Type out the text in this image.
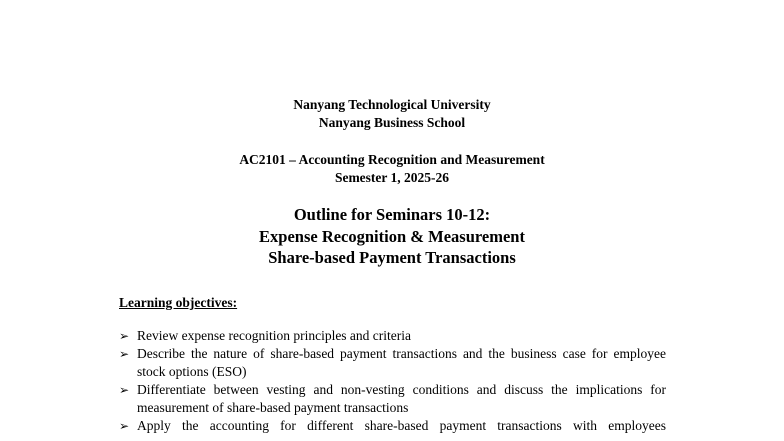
Nanyang Technological University
Nanyang Business School
AC2101 – Accounting Recognition and Measurement
Semester 1, 2025-26
Outline for Seminars 10-12:
Expense Recognition & Measurement
Share-based Payment Transactions
Learning objectives:
➢ Review expense recognition principles and criteria
➢ Describe the nature of share-based payment transactions and the business case for employee stock options (ESO)
➢ Differentiate between vesting and non-vesting conditions and discuss the implications for measurement of share-based payment transactions
➢ Apply the accounting for different share-based payment transactions with employees
